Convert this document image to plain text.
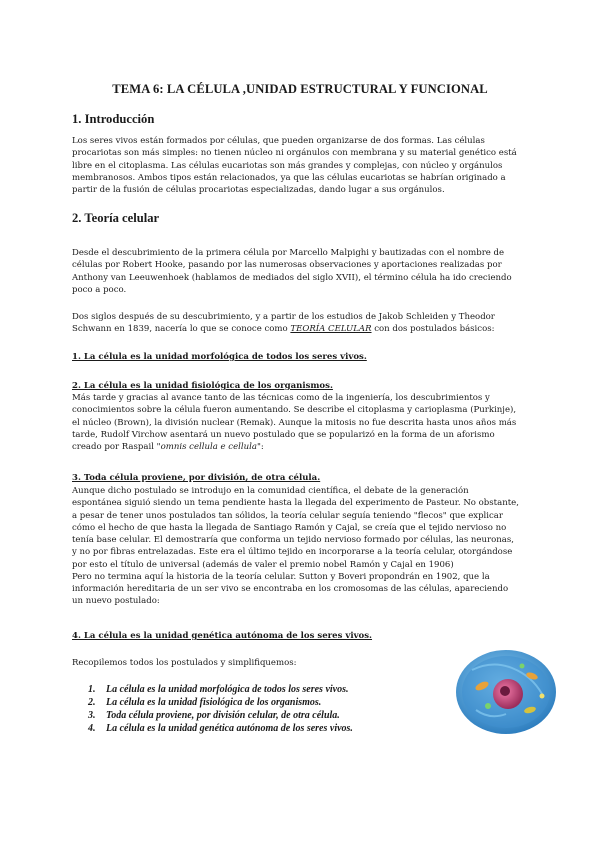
TEMA 6: LA CÉLULA ,UNIDAD ESTRUCTURAL Y FUNCIONAL
1. Introducción

Los seres vivos están formados por células, que pueden organizarse de dos formas. Las células

procariotas son más simples: no tienen núcleo ni orgánulos con membrana y su material genético está

libre en el citoplasma. Las células eucariotas son más grandes y complejas, con núcleo y orgánulos

membranosos. Ambos tipos están relacionados, ya que las células eucariotas se habrían originado a

partir de la fusión de células procariotas especializadas, dando lugar a sus orgánulos.

2. Teoría celular

Desde el descubrimiento de la primera célula por Marcello Malpighi y bautizadas con el nombre de

células por Robert Hooke, pasando por las numerosas observaciones y aportaciones realizadas por

Anthony van Leeuwenhoek (hablamos de mediados del siglo XVII), el término célula ha ido creciendo

poco a poco.

Dos siglos después de su descubrimiento, y a partir de los estudios de Jakob Schleiden y Theodor

Schwann en 1839, nacería lo que se conoce como TEORÍA CELULAR con dos postulados básicos:

1. La célula es la unidad morfológica de todos los seres vivos.
2. La célula es la unidad fisiológica de los organismos.

Más tarde y gracias al avance tanto de las técnicas como de la ingeniería, los descubrimientos y

conocimientos sobre la célula fueron aumentando. Se describe el citoplasma y carioplasma (Purkinje),

el núcleo (Brown), la división nuclear (Remak). Aunque la mitosis no fue descrita hasta unos años más

tarde, Rudolf Virchow asentará un nuevo postulado que se popularizó en la forma de un aforismo

creado por Raspail "omnis cellula e cellula":

3. Toda célula proviene, por división, de otra célula.

Aunque dicho postulado se introdujo en la comunidad científica, el debate de la generación

espontánea siguió siendo un tema pendiente hasta la llegada del experimento de Pasteur. No obstante,

a pesar de tener unos postulados tan sólidos, la teoría celular seguía teniendo "flecos" que explicar

cómo el hecho de que hasta la llegada de Santiago Ramón y Cajal, se creía que el tejido nervioso no

tenía base celular. El demostraría que conforma un tejido nervioso formado por células, las neuronas,

y no por fibras entrelazadas. Este era el último tejido en incorporarse a la teoría celular, otorgándose

por esto el título de universal (además de valer el premio nobel Ramón y Cajal en 1906)

Pero no termina aquí la historia de la teoría celular. Sutton y Boveri propondrán en 1902, que la

información hereditaria de un ser vivo se encontraba en los cromosomas de las células, apareciendo

un nuevo postulado:

4. La célula es la unidad genética autónoma de los seres vivos.
Recopilemos todos los postulados y simplifiquemos:
1. La célula es la unidad morfológica de todos los seres vivos.
2. La célula es la unidad fisiológica de los organismos.
3. Toda célula proviene, por división celular, de otra célula.
4. La célula es la unidad genética autónoma de los seres vivos.
